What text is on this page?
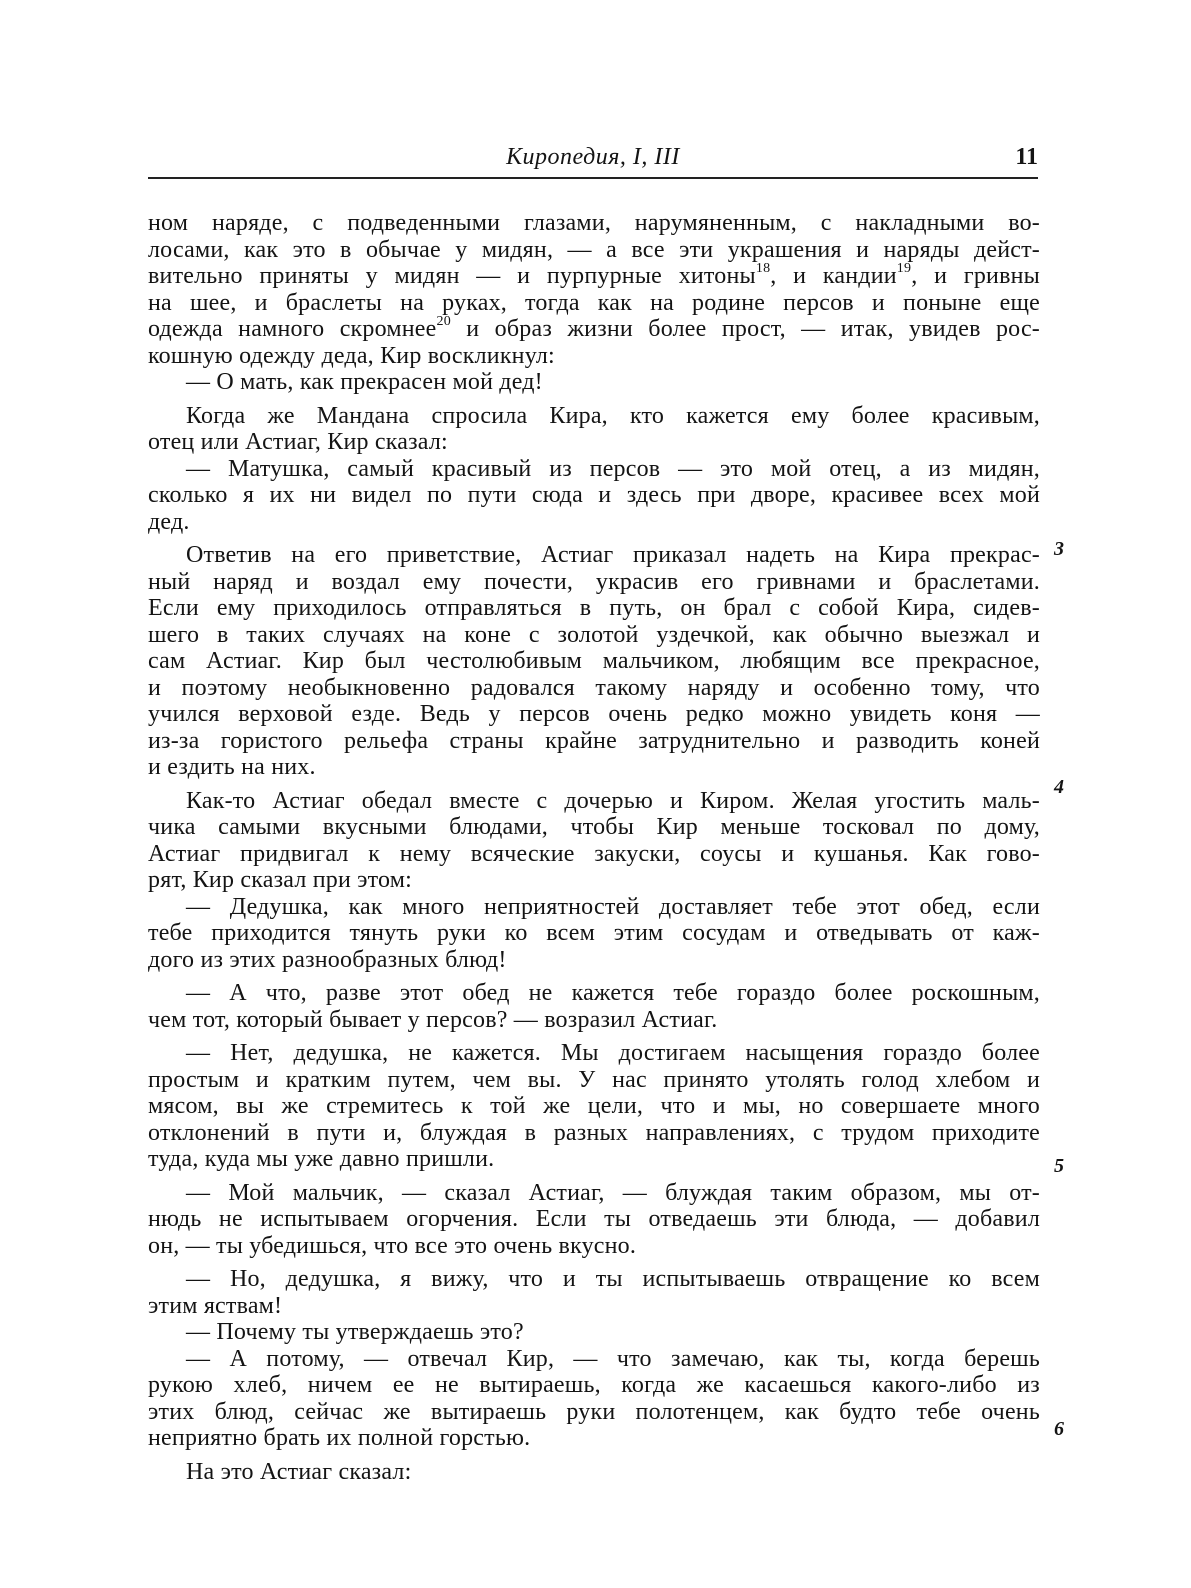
Киропедия, I, III	11
ном наряде, с подведенными глазами, нарумяненным, с накладными во-
лосами, как это в обычае у мидян, — а все эти украшения и наряды дейст-
вительно приняты у мидян — и пурпурные хитоны$^{18}$, и кандии$^{19}$, и гривны
на шее, и браслеты на руках, тогда как на родине персов и поныне еще
одежда намного скромнее$^{20}$ и образ жизни более прост, — итак, увидев рос-
кошную одежду деда, Кир воскликнул:
— О мать, как прекрасен мой дед!
Когда же Мандана спросила Кира, кто кажется ему более красивым,
отец или Астиаг, Кир сказал:
— Матушка, самый красивый из персов — это мой отец, а из мидян,
сколько я их ни видел по пути сюда и здесь при дворе, красивее всех мой
дед.
Ответив на его приветствие, Астиаг приказал надеть на Кира прекрас-
ный наряд и воздал ему почести, украсив его гривнами и браслетами.
Если ему приходилось отправляться в путь, он брал с собой Кира, сидев-
шего в таких случаях на коне с золотой уздечкой, как обычно выезжал и
сам Астиаг. Кир был честолюбивым мальчиком, любящим все прекрасное,
и поэтому необыкновенно радовался такому наряду и особенно тому, что
учился верховой езде. Ведь у персов очень редко можно увидеть коня —
из-за гористого рельефа страны крайне затруднительно и разводить коней
и ездить на них.
Как-то Астиаг обедал вместе с дочерью и Киром. Желая угостить маль-
чика самыми вкусными блюдами, чтобы Кир меньше тосковал по дому,
Астиаг придвигал к нему всяческие закуски, соусы и кушанья. Как гово-
рят, Кир сказал при этом:
— Дедушка, как много неприятностей доставляет тебе этот обед, если
тебе приходится тянуть руки ко всем этим сосудам и отведывать от каж-
дого из этих разнообразных блюд!
— А что, разве этот обед не кажется тебе гораздо более роскошным,
чем тот, который бывает у персов? — возразил Астиаг.
— Нет, дедушка, не кажется. Мы достигаем насыщения гораздо более
простым и кратким путем, чем вы. У нас принято утолять голод хлебом и
мясом, вы же стремитесь к той же цели, что и мы, но совершаете много
отклонений в пути и, блуждая в разных направлениях, с трудом приходите
туда, куда мы уже давно пришли.
— Мой мальчик, — сказал Астиаг, — блуждая таким образом, мы от-
нюдь не испытываем огорчения. Если ты отведаешь эти блюда, — добавил
он, — ты убедишься, что все это очень вкусно.
— Но, дедушка, я вижу, что и ты испытываешь отвращение ко всем
этим яствам!
— Почему ты утверждаешь это?
— А потому, — отвечал Кир, — что замечаю, как ты, когда берешь
рукою хлеб, ничем ее не вытираешь, когда же касаешься какого-либо из
этих блюд, сейчас же вытираешь руки полотенцем, как будто тебе очень
неприятно брать их полной горстью.
На это Астиаг сказал:
3
4
5
6
